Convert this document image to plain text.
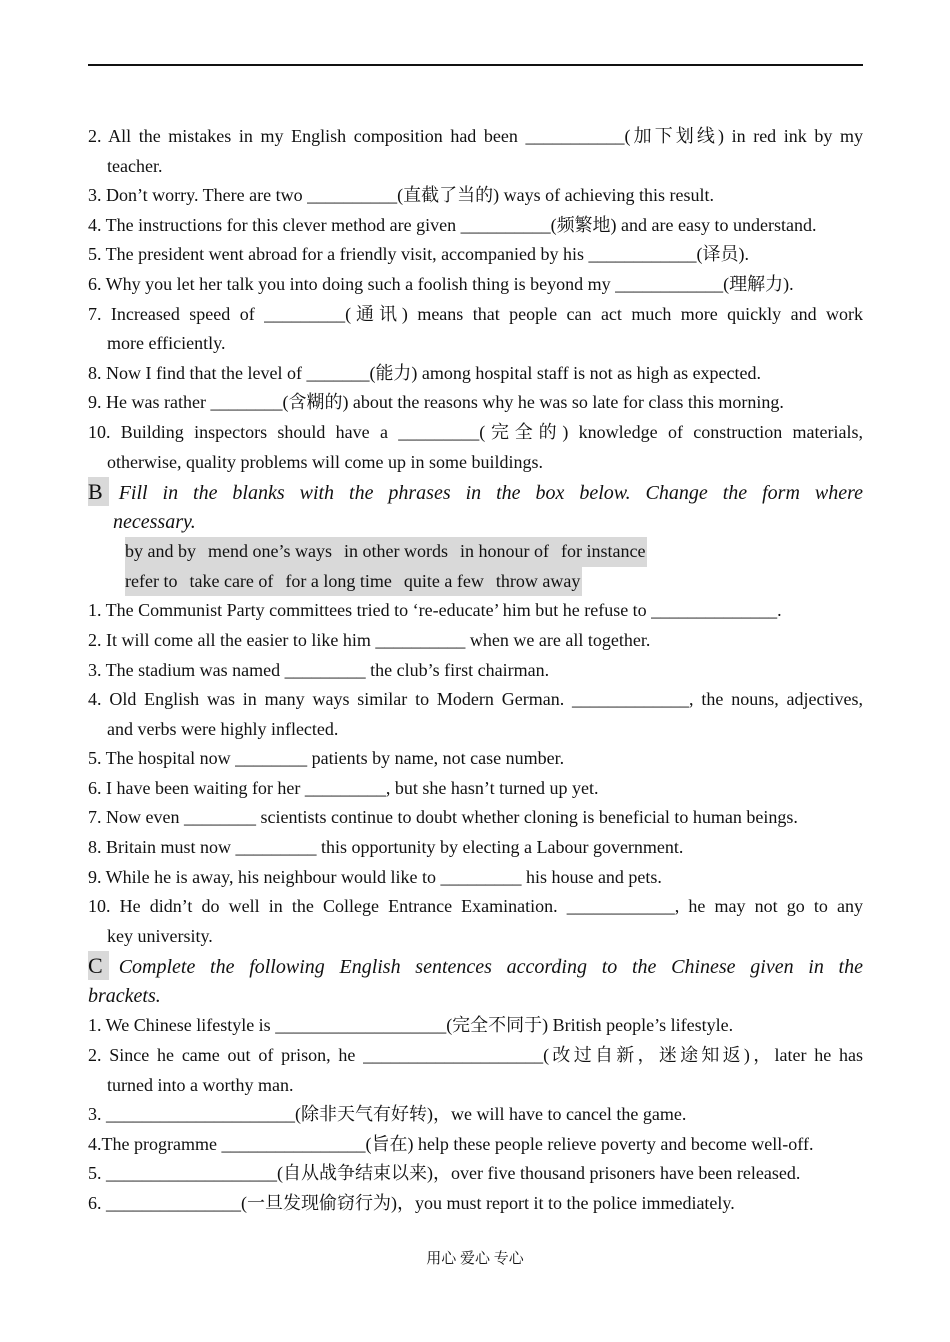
2. All the mistakes in my English composition had been ___________(加下划线) in red ink by my
teacher.
3. Don’t worry. There are two __________(直截了当的) ways of achieving this result.
4. The instructions for this clever method are given __________(频繁地) and are easy to understand.
5. The president went abroad for a friendly visit, accompanied by his ____________(译员).
6. Why you let her talk you into doing such a foolish thing is beyond my ____________(理解力).
7. Increased speed of _________(通讯) means that people can act much more quickly and work
more efficiently.
8. Now I find that the level of _______(能力) among hospital staff is not as high as expected.
9. He was rather ________(含糊的) about the reasons why he was so late for class this morning.
10. Building inspectors should have a _________(完全的) knowledge of construction materials,
otherwise, quality problems will come up in some buildings.
B Fill in the blanks with the phrases in the box below. Change the form where
necessary.
by and by mend one’s ways in other words in honour of for instance
refer to take care of for a long time quite a few throw away
1. The Communist Party committees tried to ‘re-educate’ him but he refuse to ______________.
2. It will come all the easier to like him __________ when we are all together.
3. The stadium was named _________ the club’s first chairman.
4. Old English was in many ways similar to Modern German. _____________, the nouns, adjectives,
and verbs were highly inflected.
5. The hospital now ________ patients by name, not case number.
6. I have been waiting for her _________, but she hasn’t turned up yet.
7. Now even ________ scientists continue to doubt whether cloning is beneficial to human beings.
8. Britain must now _________ this opportunity by electing a Labour government.
9. While he is away, his neighbour would like to _________ his house and pets.
10. He didn’t do well in the College Entrance Examination. ____________, he may not go to any
key university.
C Complete the following English sentences according to the Chinese given in the
brackets.
1. We Chinese lifestyle is ___________________(完全不同于) British people’s lifestyle.
2. Since he came out of prison, he ____________________(改过自新，迷途知返)，later he has
turned into a worthy man.
3. _____________________(除非天气有好转)，we will have to cancel the game.
4.The programme ________________(旨在) help these people relieve poverty and become well-off.
5. ___________________(自从战争结束以来)，over five thousand prisoners have been released.
6. _______________(一旦发现偷窃行为)，you must report it to the police immediately.
用心 爱心 专心
